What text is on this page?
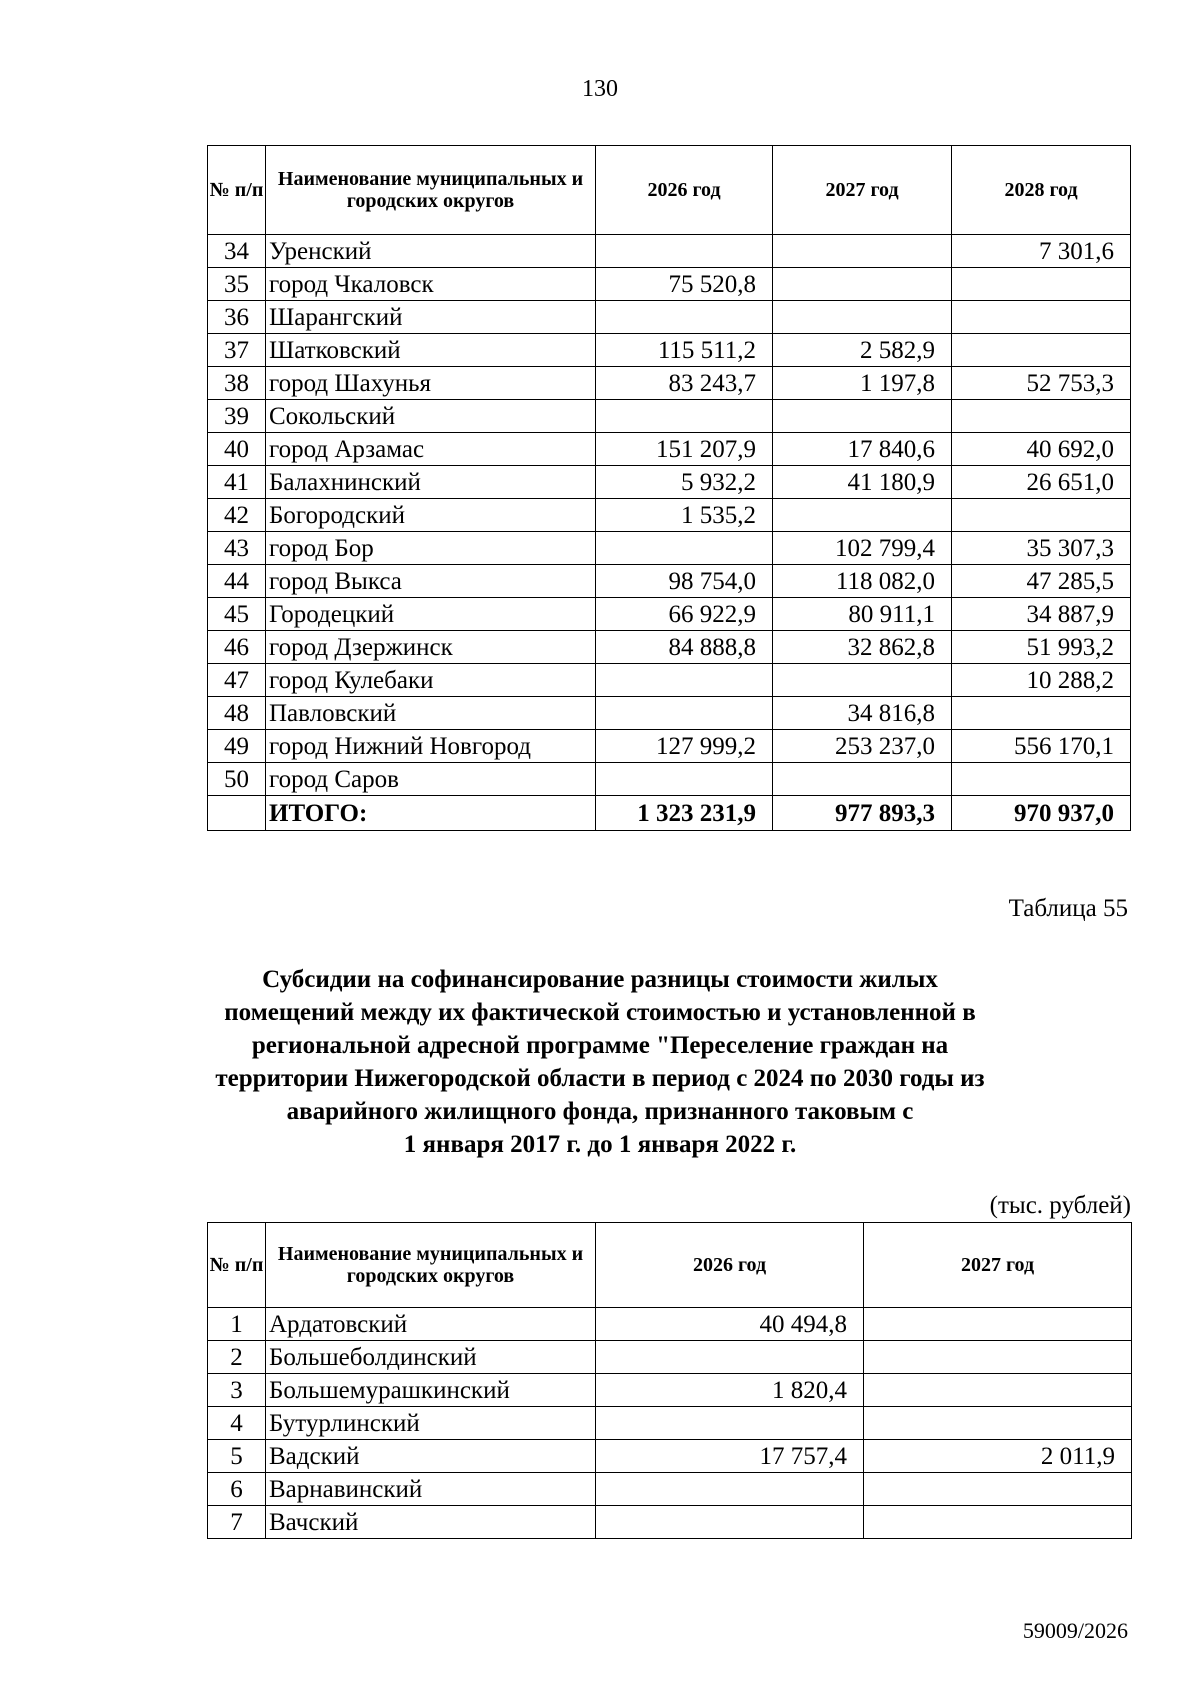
130
№ п/п	Наименование муниципальных и городских округов	2026 год	2027 год	2028 год
34	Уренский			7 301,6
35	город Чкаловск	75 520,8		
36	Шарангский			
37	Шатковский	115 511,2	2 582,9	
38	город Шахунья	83 243,7	1 197,8	52 753,3
39	Сокольский			
40	город Арзамас	151 207,9	17 840,6	40 692,0
41	Балахнинский	5 932,2	41 180,9	26 651,0
42	Богородский	1 535,2		
43	город Бор		102 799,4	35 307,3
44	город Выкса	98 754,0	118 082,0	47 285,5
45	Городецкий	66 922,9	80 911,1	34 887,9
46	город Дзержинск	84 888,8	32 862,8	51 993,2
47	город Кулебаки			10 288,2
48	Павловский		34 816,8	
49	город Нижний Новгород	127 999,2	253 237,0	556 170,1
50	город Саров			
	ИТОГО:	1 323 231,9	977 893,3	970 937,0
Таблица 55
Субсидии на софинансирование разницы стоимости жилых
помещений между их фактической стоимостью и установленной в
региональной адресной программе "Переселение граждан на
территории Нижегородской области в период с 2024 по 2030 годы из
аварийного жилищного фонда, признанного таковым с
1 января 2017 г. до 1 января 2022 г.
(тыс. рублей)
№ п/п	Наименование муниципальных и городских округов	2026 год	2027 год
1	Ардатовский	40 494,8	
2	Большеболдинский		
3	Большемурашкинский	1 820,4	
4	Бутурлинский		
5	Вадский	17 757,4	2 011,9
6	Варнавинский		
7	Вачский		
59009/2026
